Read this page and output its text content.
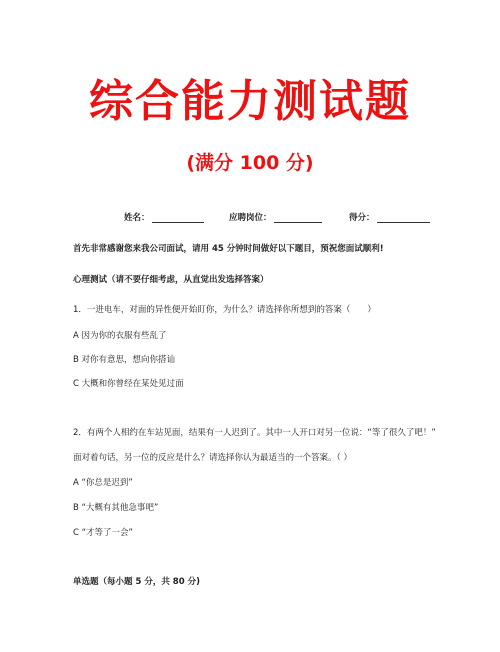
综合能力测试题
(满分 100 分)
姓名：	应聘岗位：	得分：
首先非常感谢您来我公司面试，请用 45 分钟时间做好以下题目，预祝您面试顺利!
心理测试（请不要仔细考虑，从直觉出发选择答案）
1．一进电车，对面的异性便开始盯你，为什么？请选择你所想到的答案（　　）
A 因为你的衣服有些乱了
B 对你有意思，想向你搭讪
C 大概和你曾经在某处见过面
2．有两个人相约在车站见面，结果有一人迟到了。其中一人开口对另一位说：“等了很久了吧！”
面对着句话，另一位的反应是什么？请选择你认为最适当的一个答案。（ ）
A “你总是迟到”
B “大概有其他急事吧”
C “才等了一会”
单选题（每小题 5 分，共 80 分)
